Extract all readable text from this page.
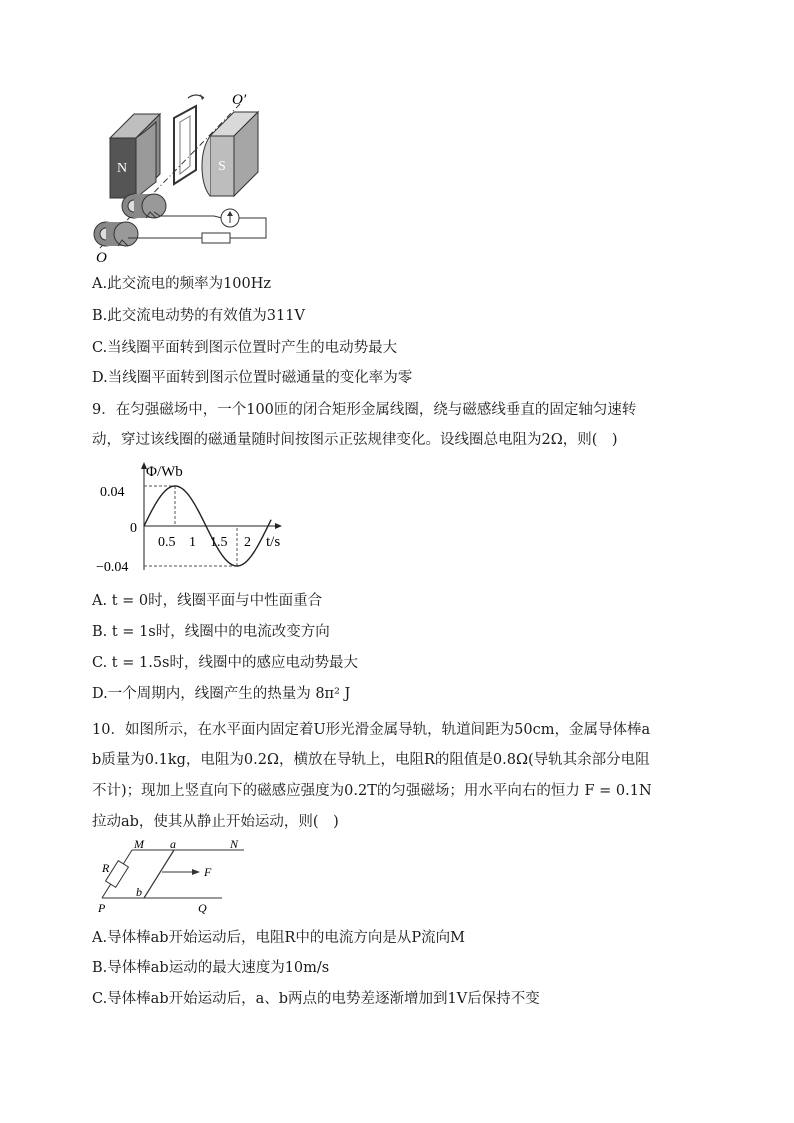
N	S
O′
O
A.此交流电的频率为100Hz
B.此交流电动势的有效值为311V
C.当线圈平面转到图示位置时产生的电动势最大
D.当线圈平面转到图示位置时磁通量的变化率为零
9．在匀强磁场中，一个100匝的闭合矩形金属线圈，绕与磁感线垂直的固定轴匀速转
动，穿过该线圈的磁通量随时间按图示正弦规律变化。设线圈总电阻为2Ω，则(　)
Φ/Wb
t/s
0.04
0
−0.04
0.5 1 1.5 2
A. t = 0时，线圈平面与中性面重合
B. t = 1s时，线圈中的电流改变方向
C. t = 1.5s时，线圈中的感应电动势最大
D.一个周期内，线圈产生的热量为 8π² J
10．如图所示，在水平面内固定着U形光滑金属导轨，轨道间距为50cm，金属导体棒a
b质量为0.1kg，电阻为0.2Ω，横放在导轨上，电阻R的阻值是0.8Ω(导轨其余部分电阻
不计)；现加上竖直向下的磁感应强度为0.2T的匀强磁场；用水平向右的恒力 F = 0.1N
拉动ab，使其从静止开始运动，则(　)
M a	N
R
b
F
P	Q
A.导体棒ab开始运动后，电阻R中的电流方向是从P流向M
B.导体棒ab运动的最大速度为10m/s
C.导体棒ab开始运动后，a、b两点的电势差逐渐增加到1V后保持不变
